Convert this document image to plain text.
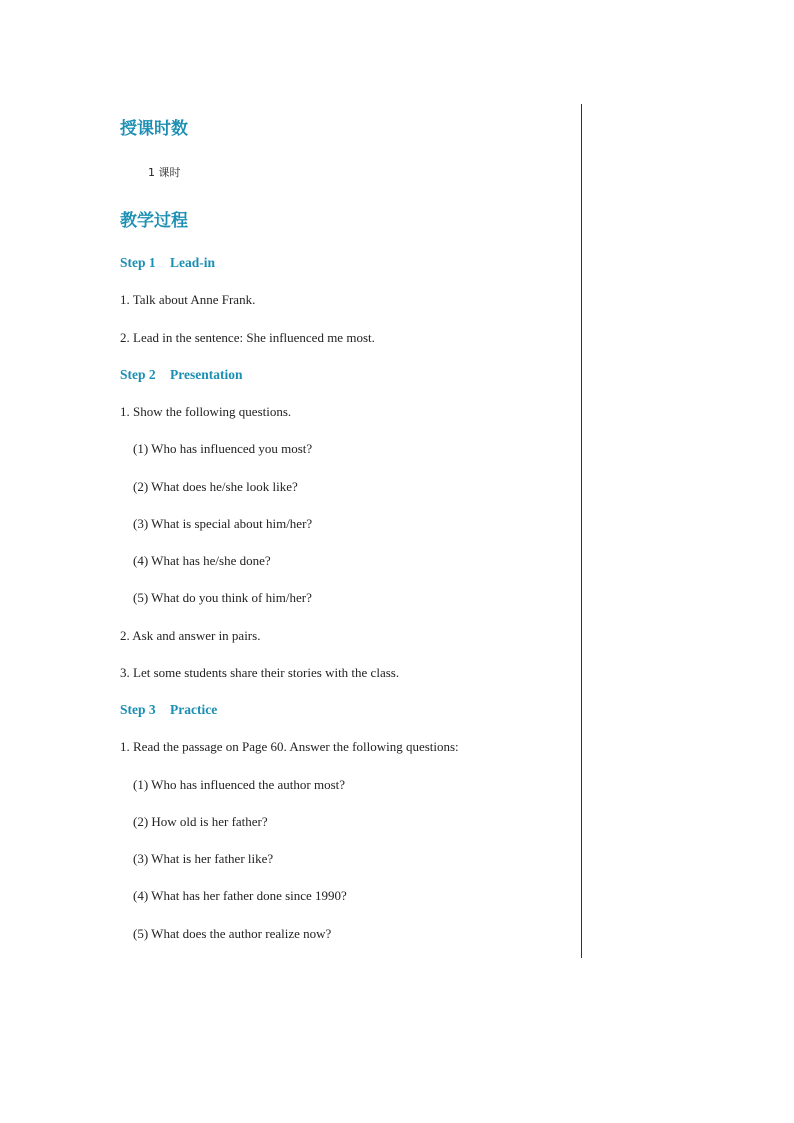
授课时数
1 课时
教学过程
Step 1 Lead-in
1. Talk about Anne Frank.
2. Lead in the sentence: She influenced me most.
Step 2 Presentation
1. Show the following questions.
(1) Who has influenced you most?
(2) What does he/she look like?
(3) What is special about him/her?
(4) What has he/she done?
(5) What do you think of him/her?
2. Ask and answer in pairs.
3. Let some students share their stories with the class.
Step 3 Practice
1. Read the passage on Page 60. Answer the following questions:
(1) Who has influenced the author most?
(2) How old is her father?
(3) What is her father like?
(4) What has her father done since 1990?
(5) What does the author realize now?
